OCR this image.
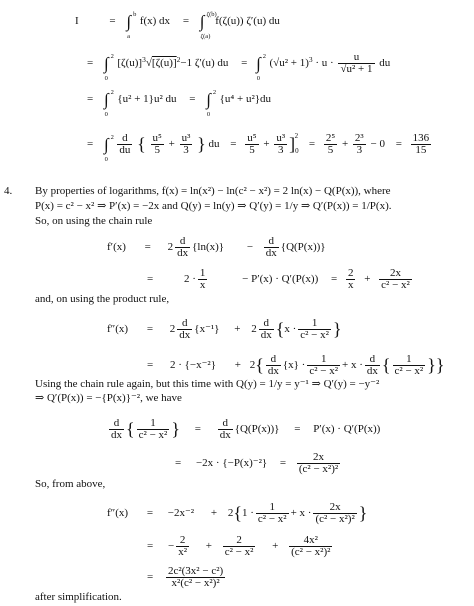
I	= ∫ b
a
f(x) dx = ∫ ζ(b)
ζ(a)
f(ζ(u)) ζ′(u) du
= ∫ 2
0
$[\zeta(u)]^3√[\zeta(u)]^2-1$ ζ′(u) du = ∫ 2
0
$(√u^2 + 1)^3 \cdot u \cdot \frac{u}{\text{√u² + 1}}$ du
= ∫ 2
0
{u² + 1}u² du = ∫ 2
0
{u⁴ + u²}du
= ∫ 2
0

$\frac{d}{du}$ { $\frac{\text{u⁵}}{5} + \frac{\text{u³}}{3}$ } du = $\frac{\text{u⁵}}{5} + \frac{\text{u³}}{3} ]_0^2 = \frac{\text{2⁵}}{5} + \frac{\text{2³}}{3} - 0 = \frac{136}{15}$
4. By properties of logarithms, f(x) = ln(x²) − ln(c² − x²) = 2 ln(x) − Q(P(x)), where
P(x) = c² − x² ⇒ P′(x) = −2x and Q(y) = ln(y) ⇒ Q′(y) = 1/y ⇒ Q′(P(x)) = 1/P(x).
So, on using the chain rule
$f'(x) = 2 \frac{d}{dx} \{\ln(x)\} - \frac{d}{dx} \{Q(P(x))\}$
=	$2 \cdot \frac{1}{x}$	− $P'(x) \cdot Q'(P(x)) = \frac{2}{x} + \frac{2x}{\text{c² − x²}}$
and, on using the product rule,
$f''(x) = 2 \frac{d}{dx} \{x^{-1}\} + 2 \frac{d}{dx} \{x \cdot \frac{1}{\text{c² − x²}}$ }
= $2 \cdot \{-x^{-2}\} + 2\{ \frac{d}{dx} \{x\} \cdot \frac{1}{\text{c² − x²}} + x \cdot \frac{d}{dx}$ { $\frac{1}{\text{c² − x²}}$ }}
Using the chain rule again, but this time with Q(y) = 1/y = y⁻¹ ⇒ Q′(y) = −y⁻²
⇒ Q′(P(x)) = −{P(x)}⁻², we have
$\frac{d}{dx}$ { $\frac{1}{\text{c² − x²}}$ } = $\frac{d}{dx} \{Q(P(x))\} = P'(x) \cdot Q'(P(x))$
= $-2x \cdot \{-P(x)^{-2}\} = \frac{2x}{\text{(c² − x²)²}}$
So, from above,
$f''(x) = -2x^{-2} + 2\{1 \cdot \frac{1}{\text{c² − x²}} + x \cdot \frac{2x}{\text{(c² − x²)²}}$ }
= − $\frac{2}{\text{x²}} + \frac{2}{\text{c² − x²}} + \frac{\text{4x²}}{\text{(c² − x²)²}}$
= $\frac{\text{2c²(3x² − c²)}}{\text{x²(c² − x²)²}}$
after simplification.
